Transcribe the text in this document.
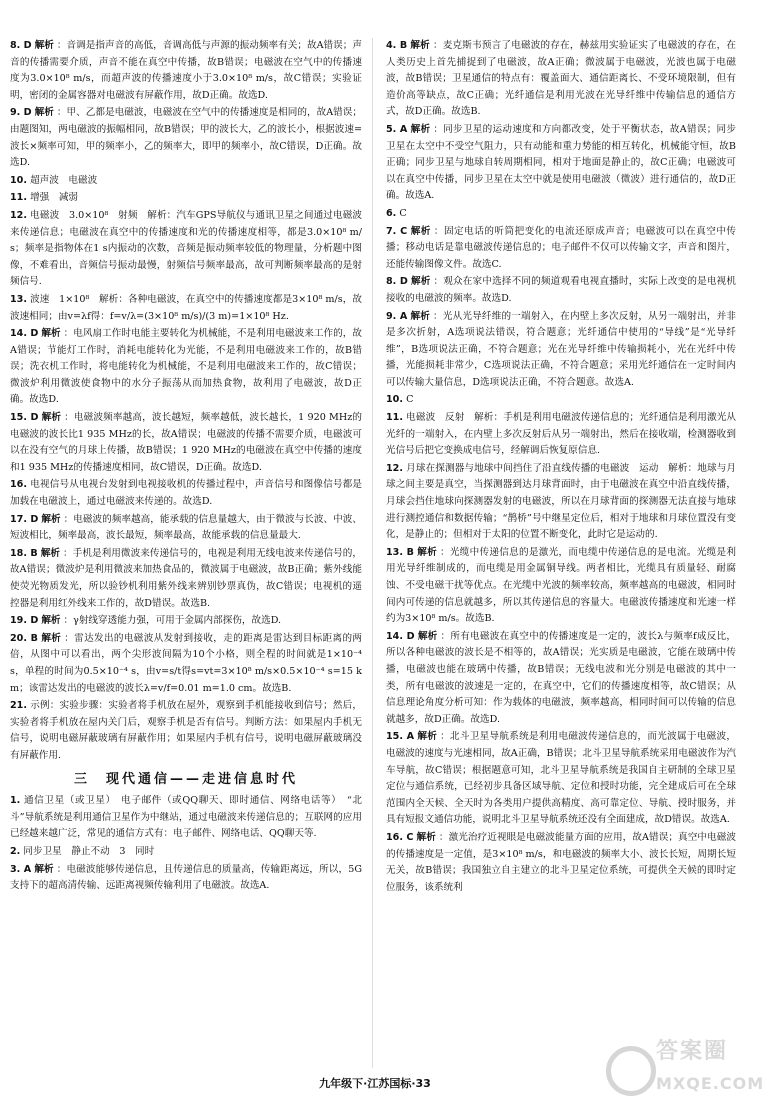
8. D 解析 ：音调是指声音的高低，音调高低与声源的振动频率有关；故A错误；声音的传播需要介质，声音不能在真空中传播，故B错误；电磁波在空气中的传播速度为3.0×10⁸ m/s，而超声波的传播速度小于3.0×10⁸ m/s，故C错误；实验证明，密闭的金属容器对电磁波有屏蔽作用，故D正确。故选D.
9. D 解析 ：甲、乙都是电磁波，电磁波在空气中的传播速度是相同的，故A错误；由题图知，两电磁波的振幅相同，故B错误；甲的波长大，乙的波长小，根据波速=波长×频率可知，甲的频率小，乙的频率大，即甲的频率小，故C错误，D正确。故选D.
10. 超声波　电磁波
11. 增强　减弱
12. 电磁波　3.0×10⁸　射频　解析：汽车GPS导航仪与通讯卫星之间通过电磁波来传递信息；电磁波在真空中的传播速度和光的传播速度相等，都是3.0×10⁸ m/s；频率是指物体在1 s内振动的次数，音频是振动频率较低的物理量，分析题中图像，不难看出，音频信号振动最慢，射频信号频率最高，故可判断频率最高的是射频信号.
13. 波速　1×10⁸　解析：各种电磁波，在真空中的传播速度都是3×10⁸ m/s，故波速相同；由v=λf得：f=v/λ=(3×10⁸ m/s)/(3 m)=1×10⁸ Hz.
14. D 解析 ：电风扇工作时电能主要转化为机械能，不是利用电磁波来工作的，故A错误；节能灯工作时，消耗电能转化为光能，不是利用电磁波来工作的，故B错误；洗衣机工作时，将电能转化为机械能，不是利用电磁波来工作的，故C错误；微波炉利用微波使食物中的水分子振荡从而加热食物，故利用了电磁波，故D正确。故选D.
15. D 解析 ：电磁波频率越高，波长越短，频率越低，波长越长，1 920 MHz的电磁波的波长比1 935 MHz的长，故A错误；电磁波的传播不需要介质，电磁波可以在没有空气的月球上传播，故B错误；1 920 MHz的电磁波在真空中传播的速度和1 935 MHz的传播速度相同，故C错误，D正确。故选D.
16. 电视信号从电视台发射到电视接收机的传播过程中，声音信号和图像信号都是加载在电磁波上，通过电磁波来传递的。故选D.
17. D 解析 ：电磁波的频率越高，能承载的信息量越大，由于微波与长波、中波、短波相比，频率最高，波长最短，频率最高，故能承载的信息量最大.
18. B 解析 ：手机是利用微波来传递信号的，电视是利用无线电波来传递信号的，故A错误；微波炉是利用微波来加热食品的，微波属于电磁波，故B正确；紫外线能使荧光物质发光，所以验钞机利用紫外线来辨别钞票真伪，故C错误；电视机的遥控器是利用红外线来工作的，故D错误。故选B.
19. D 解析 ：γ射线穿透能力强，可用于金属内部探伤，故选D.
20. B 解析 ：雷达发出的电磁波从发射到接收，走的距离是雷达到目标距离的两倍，从图中可以看出，两个尖形波间隔为10个小格，则全程的时间就是1×10⁻⁴ s，单程的时间为0.5×10⁻⁴ s，由v=s/t得s=vt=3×10⁸ m/s×0.5×10⁻⁴ s=15 km；该雷达发出的电磁波的波长λ=v/f=0.01 m=1.0 cm。故选B.
21. 示例：实验步骤：实验者将手机放在屋外，观察到手机能接收到信号；然后，实验者将手机放在屋内关门后，观察手机是否有信号。判断方法：如果屋内手机无信号，说明电磁屏蔽玻璃有屏蔽作用；如果屋内手机有信号，说明电磁屏蔽玻璃没有屏蔽作用.
三　现代通信——走进信息时代
1. 通信卫星（或卫星）　电子邮件（或QQ聊天、即时通信、网络电话等）　“北斗”导航系统是利用通信卫星作为中继站，通过电磁波来传递信息的；互联网的应用已经越来越广泛，常见的通信方式有：电子邮件、网络电话、QQ聊天等.
2. 同步卫星　静止不动　3　同时
3. A 解析 ：电磁波能够传递信息，且传递信息的质量高，传输距离远，所以，5G支持下的超高清传输、远距离视频传输利用了电磁波。故选A.
4. B 解析 ：麦克斯韦预言了电磁波的存在，赫兹用实验证实了电磁波的存在，在人类历史上首先捕捉到了电磁波，故A正确；微波属于电磁波，光波也属于电磁波，故B错误；卫星通信的特点有：覆盖面大、通信距离长、不受环境限制，但有造价高等缺点，故C正确；光纤通信是利用光波在光导纤维中传输信息的通信方式，故D正确。故选B.
5. A 解析 ：同步卫星的运动速度和方向都改变，处于平衡状态，故A错误；同步卫星在太空中不受空气阻力，只有动能和重力势能的相互转化，机械能守恒，故B正确；同步卫星与地球自转周期相同，相对于地面是静止的，故C正确；电磁波可以在真空中传播，同步卫星在太空中就是使用电磁波（微波）进行通信的，故D正确。故选A.
6. C
7. C 解析 ：固定电话的听筒把变化的电流还原成声音；电磁波可以在真空中传播；移动电话是靠电磁波传递信息的；电子邮件不仅可以传输文字，声音和图片，还能传输图像文件。故选C.
8. D 解析 ：观众在家中选择不同的频道观看电视直播时，实际上改变的是电视机接收的电磁波的频率。故选D.
9. A 解析 ：光从光导纤维的一端射入，在内壁上多次反射，从另一端射出，并非是多次折射，A选项说法错误，符合题意；光纤通信中使用的“导线”是“光导纤维”，B选项说法正确，不符合题意；光在光导纤维中传输损耗小，光在光纤中传播，光能损耗非常少，C选项说法正确，不符合题意；采用光纤通信在一定时间内可以传输大量信息，D选项说法正确，不符合题意。故选A.
10. C
11. 电磁波　反射　解析：手机是利用电磁波传递信息的；光纤通信是利用激光从光纤的一端射入，在内壁上多次反射后从另一端射出，然后在接收端，检测器收到光信号后把它变换成电信号，经解调后恢复原信息.
12. 月球在探测器与地球中间挡住了沿直线传播的电磁波　运动　解析：地球与月球之间主要是真空，当探测器到达月球背面时，由于电磁波在真空中沿直线传播，月球会挡住地球向探测器发射的电磁波，所以在月球背面的探测器无法直接与地球进行测控通信和数据传输；“鹊桥”号中继星定位后，相对于地球和月球位置没有变化，是静止的；但相对于太阳的位置不断变化，此时它是运动的.
13. B 解析 ：光缆中传递信息的是激光，而电缆中传递信息的是电流。光缆是利用光导纤维制成的，而电缆是用金属铜导线。两者相比，光缆具有质量轻、耐腐蚀、不受电磁干扰等优点。在光缆中光波的频率较高，频率越高的电磁波，相同时间内可传递的信息就越多，所以其传递信息的容量大。电磁波传播速度和光速一样约为3×10⁸ m/s。故选B.
14. D 解析 ：所有电磁波在真空中的传播速度是一定的，波长λ与频率f成反比，所以各种电磁波的波长是不相等的，故A错误；光实质是电磁波，它能在玻璃中传播，电磁波也能在玻璃中传播，故B错误；无线电波和光分别是电磁波的其中一类，所有电磁波的波速是一定的，在真空中，它们的传播速度相等，故C错误；从信息理论角度分析可知：作为载体的电磁波，频率越高，相同时间可以传输的信息就越多，故D正确。故选D.
15. A 解析 ：北斗卫星导航系统是利用电磁波传递信息的，而光波属于电磁波，电磁波的速度与光速相同，故A正确，B错误；北斗卫星导航系统采用电磁波作为汽车导航，故C错误；根据题意可知，北斗卫星导航系统是我国自主研制的全球卫星定位与通信系统，已经初步具备区域导航、定位和授时功能，完全建成后可在全球范围内全天候、全天时为各类用户提供高精度、高可靠定位、导航、授时服务，并具有短报文通信功能，说明北斗卫星导航系统还没有全面建成，故D错误。故选A.
16. C 解析 ：激光治疗近视眼是电磁波能量方面的应用，故A错误；真空中电磁波的传播速度是一定值，是3×10⁸ m/s，和电磁波的频率大小、波长长短，周期长短无关，故B错误；我国独立自主建立的北斗卫星定位系统，可提供全天候的即时定位服务，该系统利
九年级下·江苏国标·33
答案圈
MXQE.COM
